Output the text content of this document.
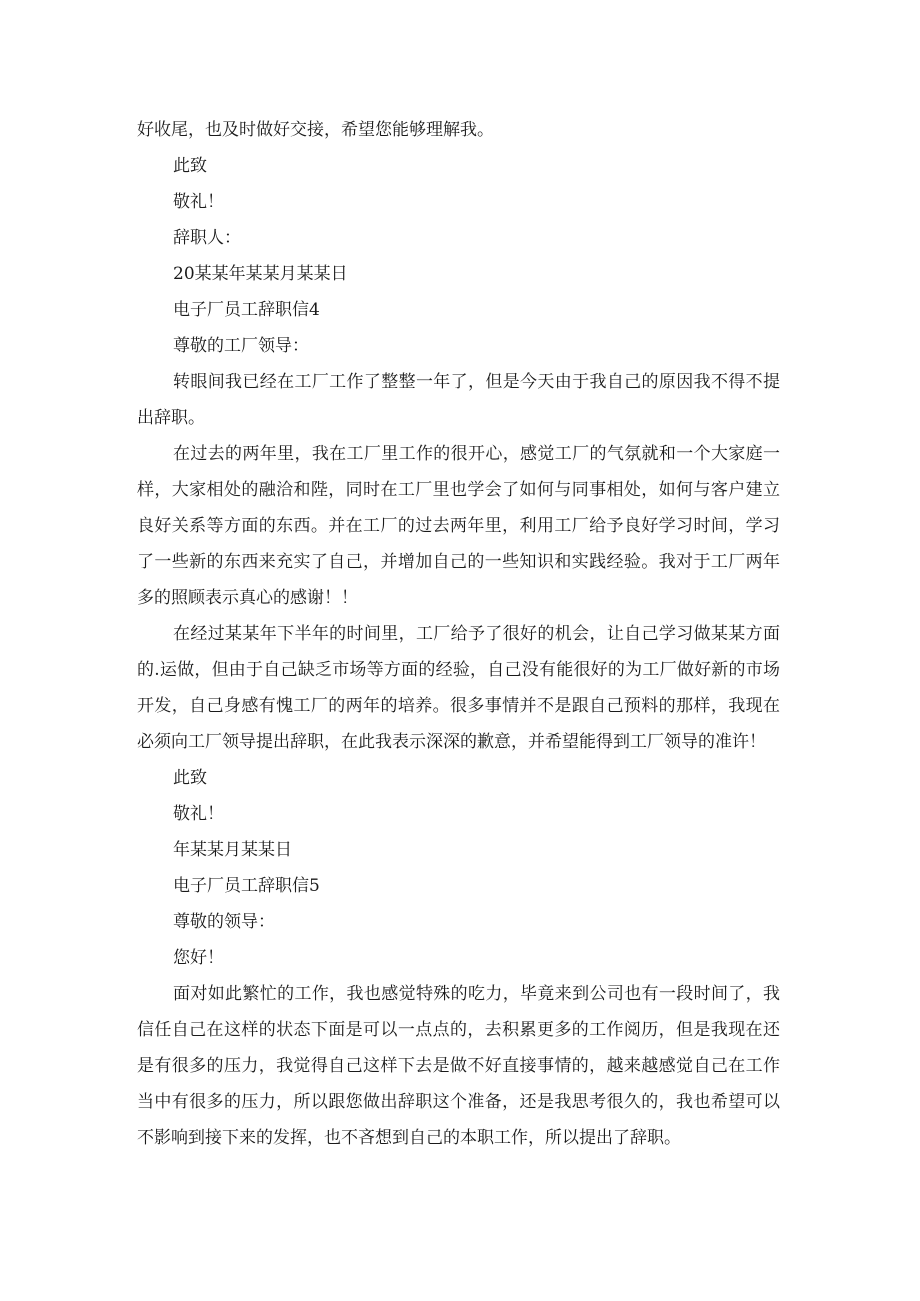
好收尾，也及时做好交接，希望您能够理解我。

此致

敬礼！

辞职人：

20某某年某某月某某日

电子厂员工辞职信4

尊敬的工厂领导：

转眼间我已经在工厂工作了整整一年了，但是今天由于我自己的原因我不得不提出辞职。

在过去的两年里，我在工厂里工作的很开心，感觉工厂的气氛就和一个大家庭一样，大家相处的融洽和陛，同时在工厂里也学会了如何与同事相处，如何与客户建立良好关系等方面的东西。并在工厂的过去两年里，利用工厂给予良好学习时间，学习了一些新的东西来充实了自己，并增加自己的一些知识和实践经验。我对于工厂两年多的照顾表示真心的感谢！！

在经过某某年下半年的时间里，工厂给予了很好的机会，让自己学习做某某方面的.运做，但由于自己缺乏市场等方面的经验，自己没有能很好的为工厂做好新的市场开发，自己身感有愧工厂的两年的培养。很多事情并不是跟自己预料的那样，我现在必须向工厂领导提出辞职，在此我表示深深的歉意，并希望能得到工厂领导的准许！

此致

敬礼！

年某某月某某日

电子厂员工辞职信5

尊敬的领导：

您好！

面对如此繁忙的工作，我也感觉特殊的吃力，毕竟来到公司也有一段时间了，我信任自己在这样的状态下面是可以一点点的，去积累更多的工作阅历，但是我现在还是有很多的压力，我觉得自己这样下去是做不好直接事情的，越来越感觉自己在工作当中有很多的压力，所以跟您做出辞职这个准备，还是我思考很久的，我也希望可以不影响到接下来的发挥，也不吝想到自己的本职工作，所以提出了辞职。
